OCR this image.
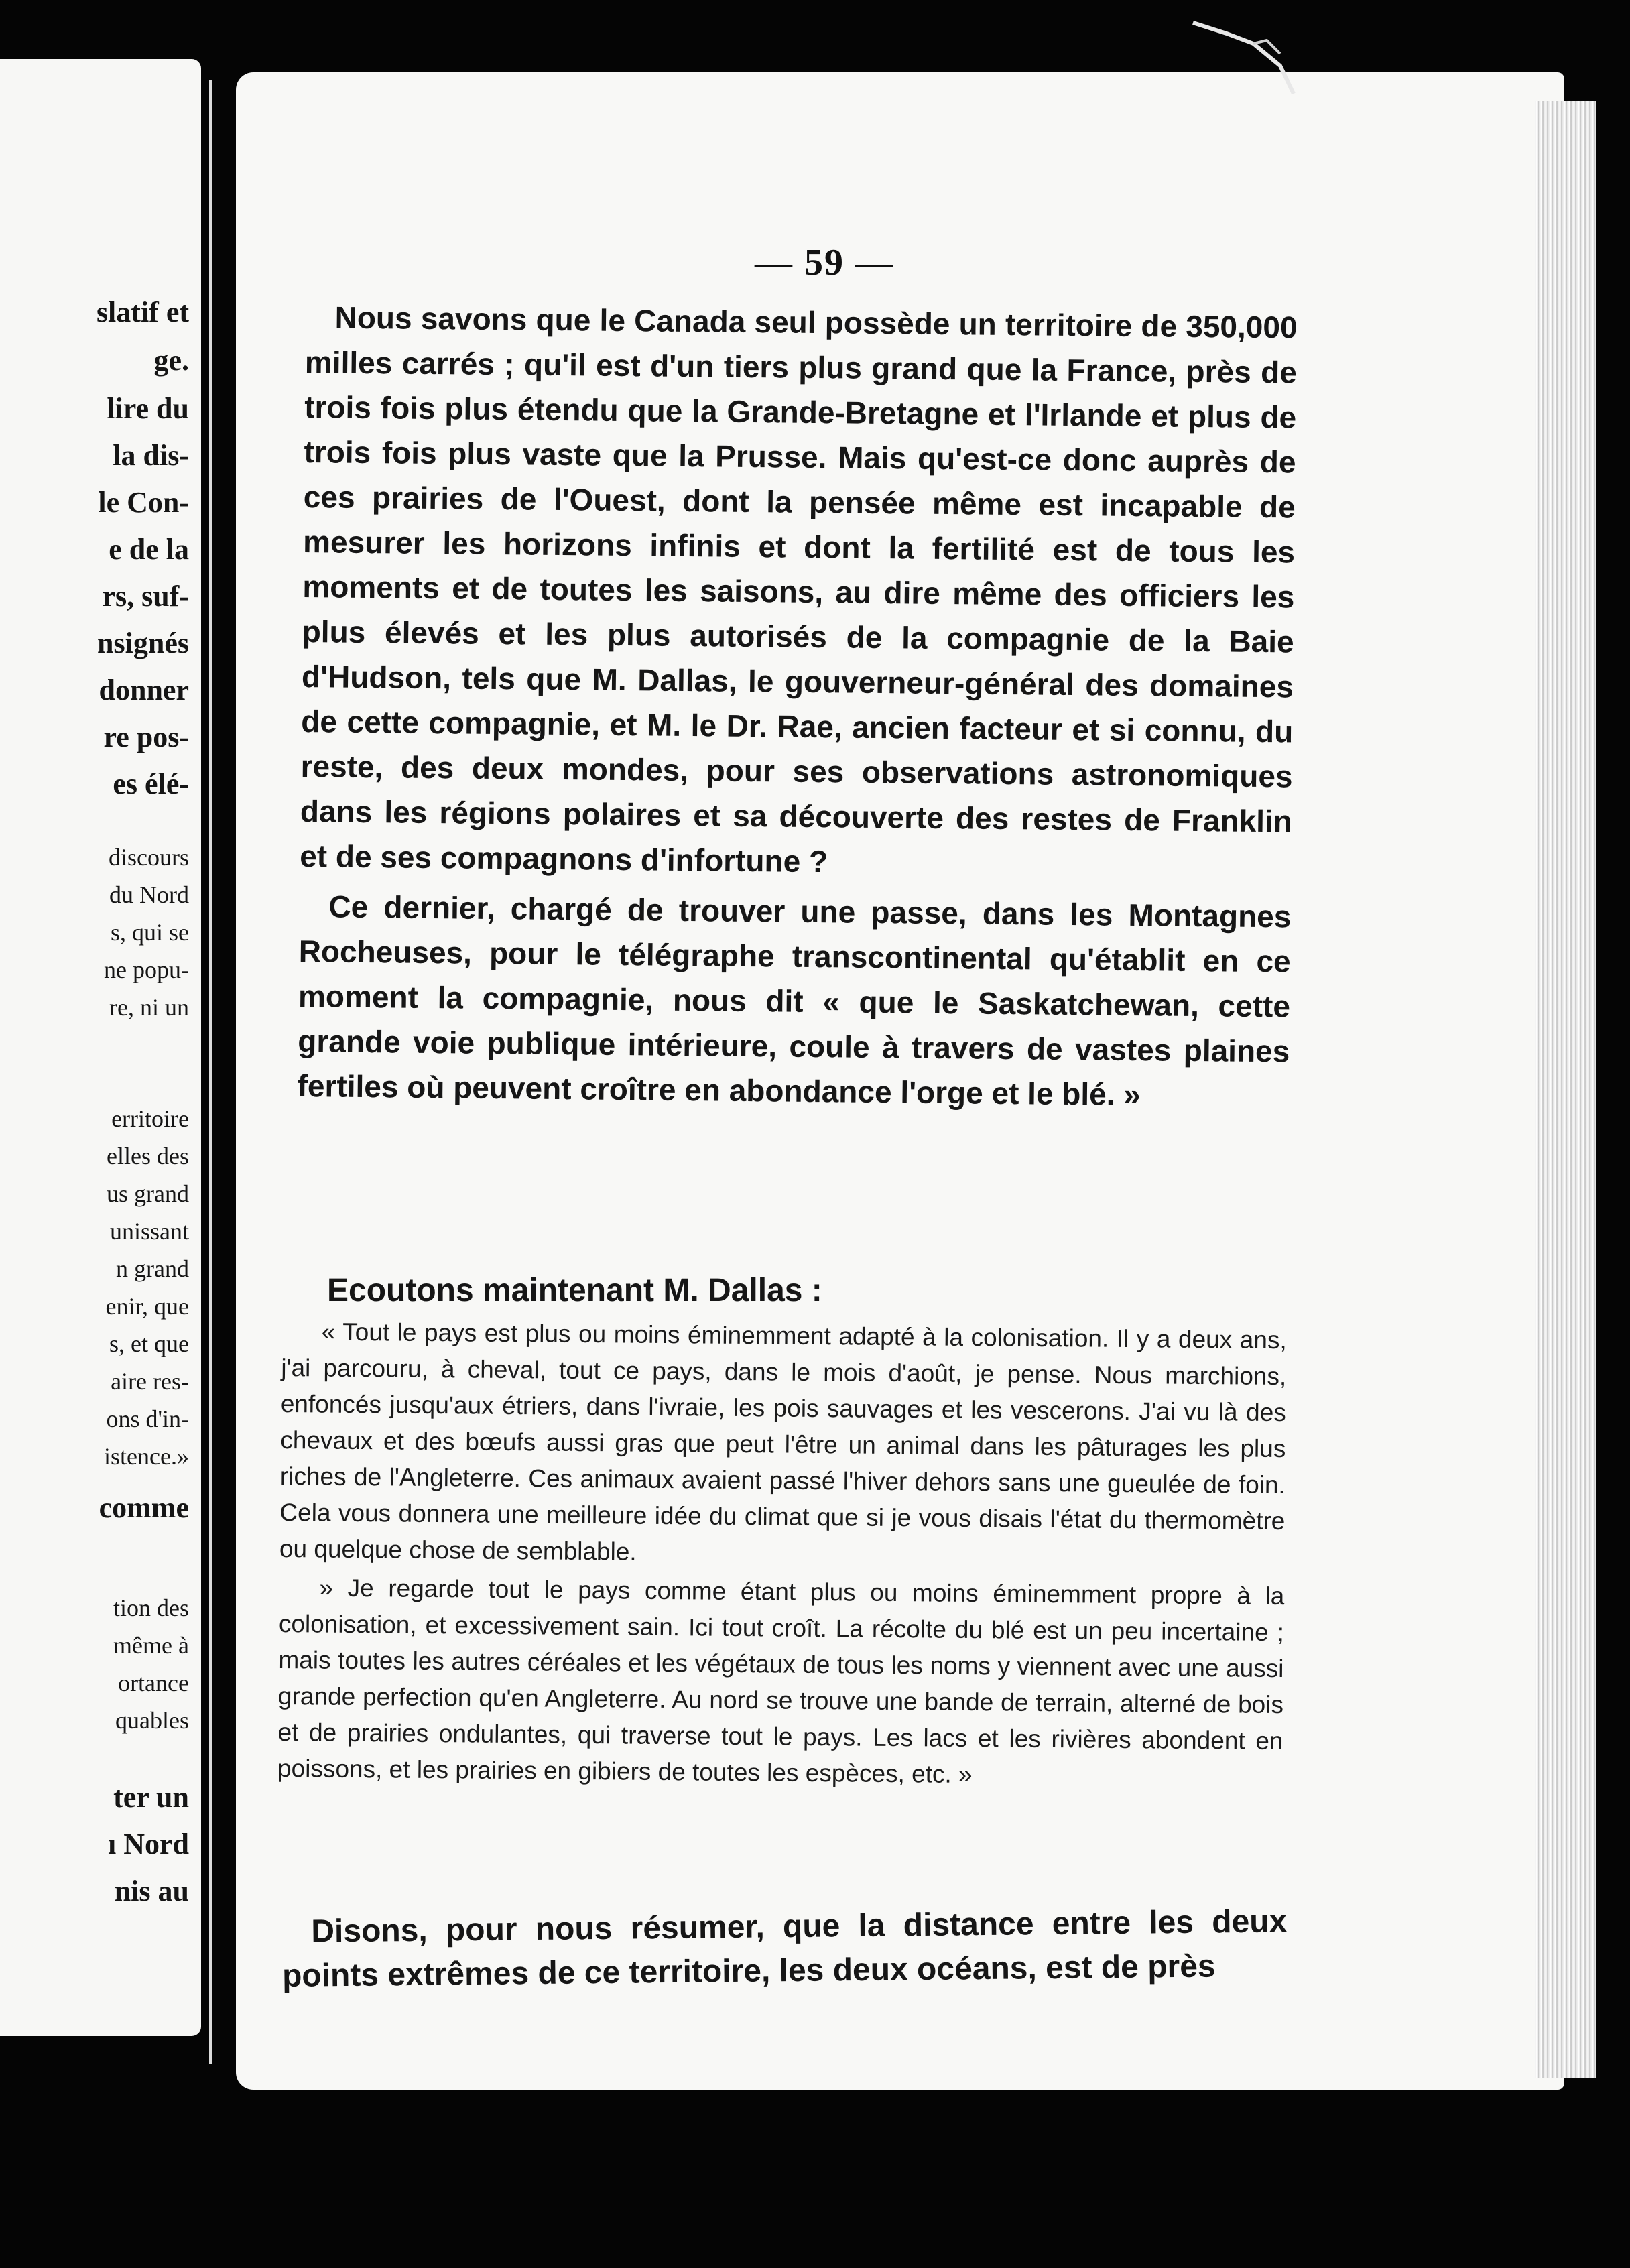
slatif et
ge.
lire du
la dis-
le Con-
e de la
rs, suf-
nsignés
donner
re pos-
es élé-
discours
du Nord
s, qui se
ne popu-
re, ni un
erritoire
elles des
us grand
unissant
n grand
enir, que
s, et que
aire res-
ons d'in-
istence.»
comme
tion des
même à
ortance
quables
ter un
ı Nord
nis au
— 59 —

Nous savons que le Canada seul possède un territoire de 350,000 milles carrés ; qu'il est d'un tiers plus grand que la France, près de trois fois plus étendu que la Grande-Bretagne et l'Irlande et plus de trois fois plus vaste que la Prusse. Mais qu'est-ce donc auprès de ces prairies de l'Ouest, dont la pensée même est incapable de mesurer les horizons infinis et dont la fertilité est de tous les moments et de toutes les saisons, au dire même des officiers les plus élevés et les plus autorisés de la compagnie de la Baie d'Hudson, tels que M. Dallas, le gouverneur-général des domaines de cette compagnie, et M. le Dr. Rae, ancien facteur et si connu, du reste, des deux mondes, pour ses observations astronomiques dans les régions polaires et sa découverte des restes de Franklin et de ses compagnons d'infortune ?

Ce dernier, chargé de trouver une passe, dans les Montagnes Rocheuses, pour le télégraphe transcontinental qu'établit en ce moment la compagnie, nous dit « que le Saskatchewan, cette grande voie publique intérieure, coule à travers de vastes plaines fertiles où peuvent croître en abondance l'orge et le blé. »

Ecoutons maintenant M. Dallas :

« Tout le pays est plus ou moins éminemment adapté à la colonisation. Il y a deux ans, j'ai parcouru, à cheval, tout ce pays, dans le mois d'août, je pense. Nous marchions, enfoncés jusqu'aux étriers, dans l'ivraie, les pois sauvages et les vescerons. J'ai vu là des chevaux et des bœufs aussi gras que peut l'être un animal dans les pâturages les plus riches de l'Angleterre. Ces animaux avaient passé l'hiver dehors sans une gueulée de foin. Cela vous donnera une meilleure idée du climat que si je vous disais l'état du thermomètre ou quelque chose de semblable.

» Je regarde tout le pays comme étant plus ou moins éminemment propre à la colonisation, et excessivement sain. Ici tout croît. La récolte du blé est un peu incertaine ; mais toutes les autres céréales et les végétaux de tous les noms y viennent avec une aussi grande perfection qu'en Angleterre. Au nord se trouve une bande de terrain, alterné de bois et de prairies ondulantes, qui traverse tout le pays. Les lacs et les rivières abondent en poissons, et les prairies en gibiers de toutes les espèces, etc. »

Disons, pour nous résumer, que la distance entre les deux points extrêmes de ce territoire, les deux océans, est de près
